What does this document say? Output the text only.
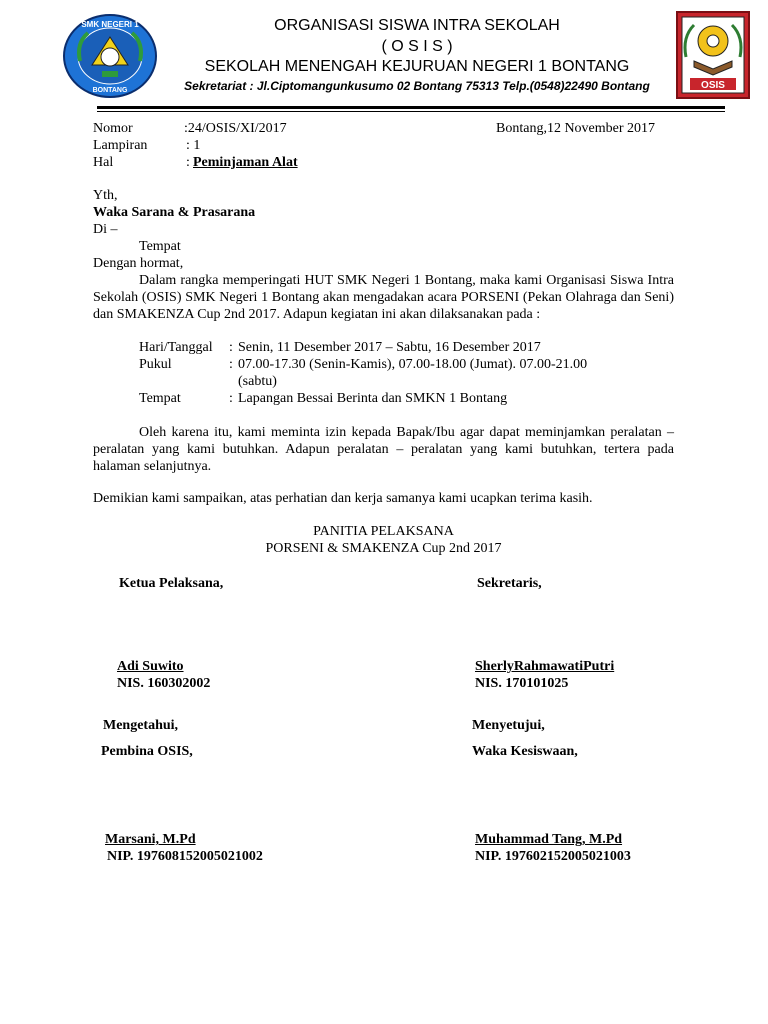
SMK NEGERI 1
BONTANG	OSIS
ORGANISASI SISWA INTRA SEKOLAH
( O S I S )
SEKOLAH MENENGAH KEJURUAN NEGERI 1 BONTANG
Sekretariat : Jl.Ciptomangunkusumo 02 Bontang 75313 Telp.(0548)22490 Bontang
Nomor	:24/OSIS/XI/2017	Bontang,12 November 2017
Lampiran	: 1
Hal	: Peminjaman Alat
Yth,
Waka Sarana & Prasarana
Di –
Tempat
Dengan hormat,
Dalam rangka memperingati HUT SMK Negeri 1 Bontang, maka kami Organisasi Siswa Intra Sekolah (OSIS) SMK Negeri 1 Bontang akan mengadakan acara PORSENI (Pekan Olahraga dan Seni) dan SMAKENZA Cup 2nd 2017. Adapun kegiatan ini akan dilaksanakan pada :
Hari/Tanggal : Senin, 11 Desember 2017 – Sabtu, 16 Desember 2017
Pukul	: 07.00-17.30 (Senin-Kamis), 07.00-18.00 (Jumat). 07.00-21.00
(sabtu)
Tempat	: Lapangan Bessai Berinta dan SMKN 1 Bontang
Oleh karena itu, kami meminta izin kepada Bapak/Ibu agar dapat meminjamkan peralatan – peralatan yang kami butuhkan. Adapun peralatan – peralatan yang kami butuhkan, tertera pada halaman selanjutnya.
Demikian kami sampaikan, atas perhatian dan kerja samanya kami ucapkan terima kasih.
PANITIA PELAKSANA
PORSENI & SMAKENZA Cup 2nd 2017
Ketua Pelaksana,	Sekretaris,
Adi Suwito	SherlyRahmawatiPutri
NIS. 160302002	NIS. 170101025
Mengetahui,	Menyetujui,
Pembina OSIS,	Waka Kesiswaan,
Marsani, M.Pd	Muhammad Tang, M.Pd
NIP. 197608152005021002	NIP. 197602152005021003
